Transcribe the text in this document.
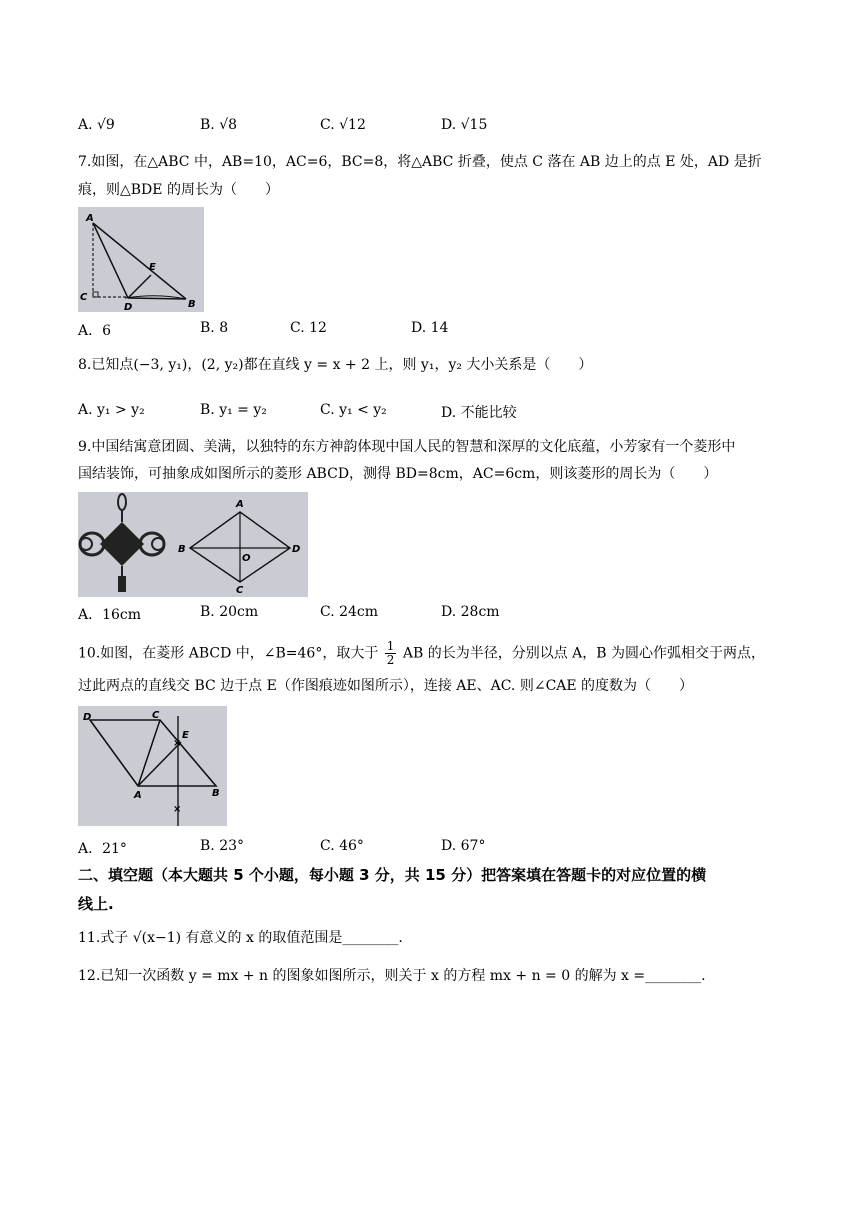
A. √9	B. √8	C. √12	D. √15
7.如图，在△ABC 中，AB=10，AC=6，BC=8，将△ABC 折叠，使点 C 落在 AB 边上的点 E 处，AD 是折
痕，则△BDE 的周长为（　　）
A
B
C
D
E
A．6	B. 8	C. 12	D. 14
8.已知点(−3, y₁)，(2, y₂)都在直线 y = x + 2 上，则 y₁，y₂ 大小关系是（　　）
A. y₁ > y₂	B. y₁ = y₂	C. y₁ < y₂	D. 不能比较
9.中国结寓意团圆、美满，以独特的东方神韵体现中国人民的智慧和深厚的文化底蕴，小芳家有一个菱形中
国结装饰，可抽象成如图所示的菱形 ABCD，测得 BD=8cm，AC=6cm，则该菱形的周长为（　　）
A
B
C
D
O
A．16cm	B. 20cm	C. 24cm	D. 28cm
10.如图，在菱形 ABCD 中，∠B=46°，取大于 $\frac{1}{2}$ AB 的长为半径，分别以点 A，B 为圆心作弧相交于两点，
过此两点的直线交 BC 边于点 E（作图痕迹如图所示），连接 AE、AC. 则∠CAE 的度数为（　　）
×
×
D	C
E
A	B
A．21°	B. 23°	C. 46°	D. 67°
二、填空题（本大题共 5 个小题，每小题 3 分，共 15 分）把答案填在答题卡的对应位置的横
线上.
11.式子 √(x−1) 有意义的 x 的取值范围是________.
12.已知一次函数 y = mx + n 的图象如图所示，则关于 x 的方程 mx + n = 0 的解为 x =________.
